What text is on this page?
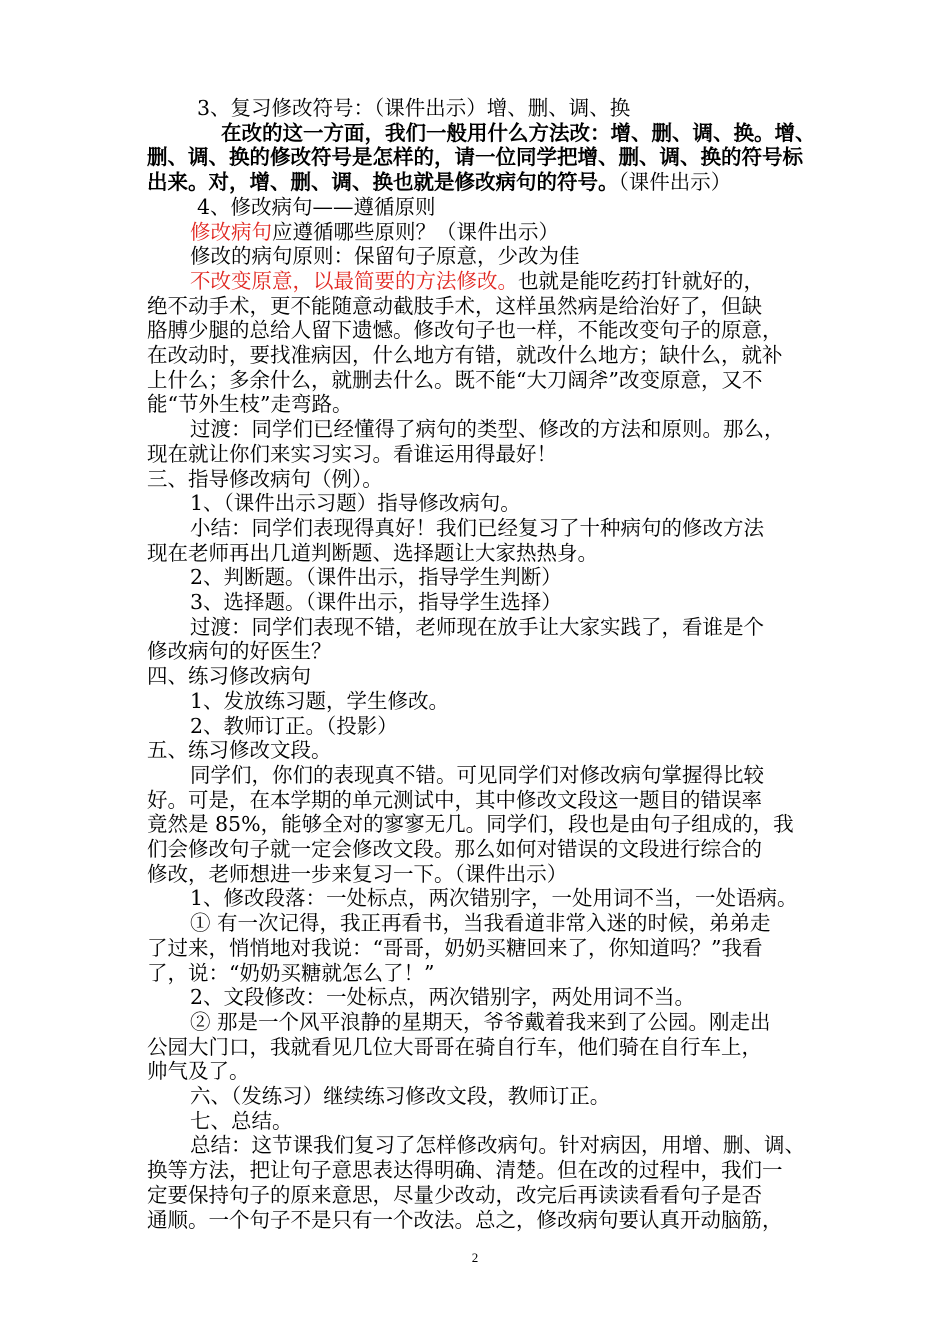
3、复习修改符号：（课件出示）增、删、调、换
在改的这一方面，我们一般用什么方法改：增、删、调、换。增、
删、调、换的修改符号是怎样的，请一位同学把增、删、调、换的符号标
出来。对，增、删、调、换也就是修改病句的符号。（课件出示）
4、修改病句——遵循原则
修改病句应遵循哪些原则？（课件出示）
修改的病句原则：保留句子原意，少改为佳
不改变原意，以最简要的方法修改。也就是能吃药打针就好的，
绝不动手术，更不能随意动截肢手术，这样虽然病是给治好了，但缺
胳膊少腿的总给人留下遗憾。修改句子也一样，不能改变句子的原意，
在改动时，要找准病因，什么地方有错，就改什么地方；缺什么，就补
上什么；多余什么，就删去什么。既不能“大刀阔斧”改变原意，又不
能“节外生枝”走弯路。
过渡：同学们已经懂得了病句的类型、修改的方法和原则。那么，
现在就让你们来实习实习。看谁运用得最好！
三、指导修改病句（例）。
1、（课件出示习题）指导修改病句。
小结：同学们表现得真好！我们已经复习了十种病句的修改方法
现在老师再出几道判断题、选择题让大家热热身。
2、判断题。（课件出示，指导学生判断）
3、选择题。（课件出示，指导学生选择）
过渡：同学们表现不错，老师现在放手让大家实践了，看谁是个
修改病句的好医生？
四、练习修改病句
1、发放练习题，学生修改。
2、教师订正。（投影）
五、练习修改文段。
同学们，你们的表现真不错。可见同学们对修改病句掌握得比较
好。可是，在本学期的单元测试中，其中修改文段这一题目的错误率
竟然是 85%，能够全对的寥寥无几。同学们，段也是由句子组成的，我
们会修改句子就一定会修改文段。那么如何对错误的文段进行综合的
修改，老师想进一步来复习一下。（课件出示）
1、修改段落：一处标点，两次错别字，一处用词不当，一处语病。
① 有一次记得，我正再看书，当我看道非常入迷的时候，弟弟走
了过来，悄悄地对我说：“哥哥，奶奶买糖回来了，你知道吗？”我看
了，说：“奶奶买糖就怎么了！”
2、文段修改：一处标点，两次错别字，两处用词不当。
② 那是一个风平浪静的星期天，爷爷戴着我来到了公园。刚走出
公园大门口，我就看见几位大哥哥在骑自行车，他们骑在自行车上，
帅气及了。
六、（发练习）继续练习修改文段，教师订正。
七、总结。
总结：这节课我们复习了怎样修改病句。针对病因，用增、删、调、
换等方法，把让句子意思表达得明确、清楚。但在改的过程中，我们一
定要保持句子的原来意思，尽量少改动，改完后再读读看看句子是否
通顺。一个句子不是只有一个改法。总之，修改病句要认真开动脑筋，
2
